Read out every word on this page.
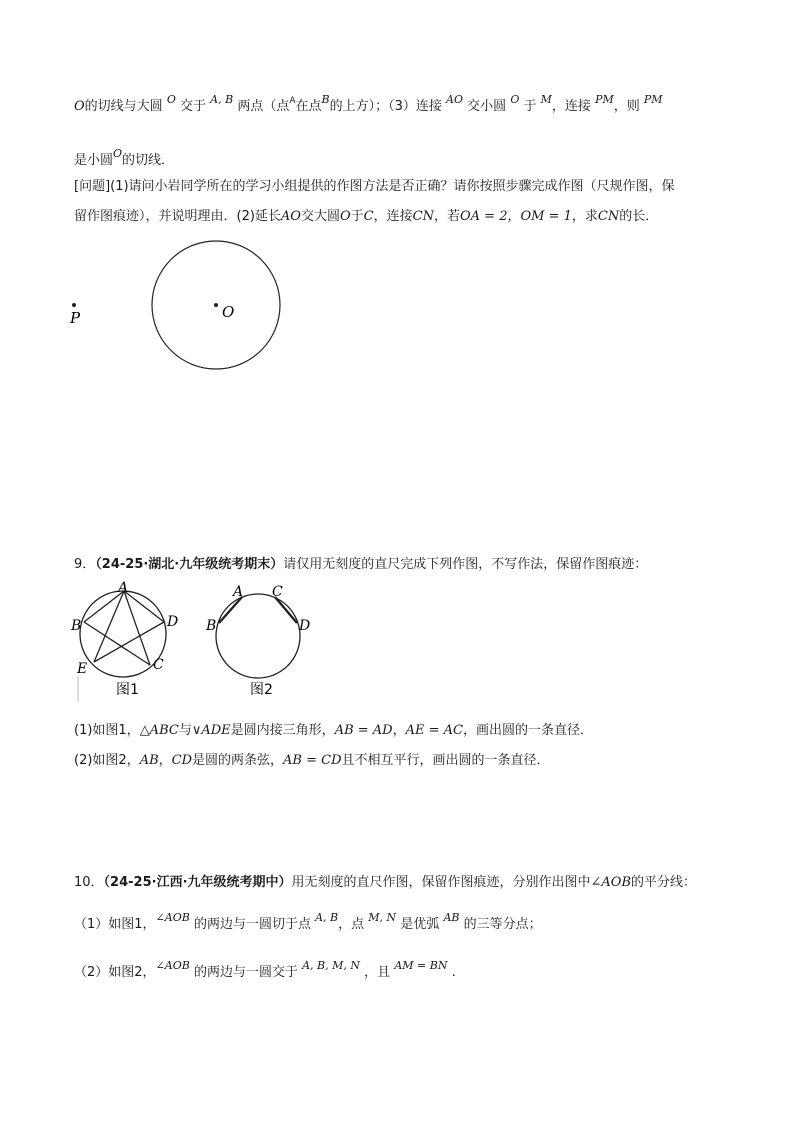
O的切线与大圆 $^O$ 交于 $^{A, B}$ 两点（点$^A$在点$^B$的上方）；（3）连接 $^{AO}$ 交小圆 $^O$ 于 $^M$，连接 $^{PM}$，则 $^{PM}$
是小圆$^O$的切线．
[问题](1)请问小岩同学所在的学习小组提供的作图方法是否正确？请你按照步骤完成作图（尺规作图，保
留作图痕迹），并说明理由．(2)延长AO交大圆O于C，连接CN，若OA = 2，OM = 1，求CN的长．
O
P
9．（24-25·湖北·九年级统考期末）请仅用无刻度的直尺完成下列作图，不写作法，保留作图痕迹：
A
B	D
E	C
图1
A C
B	D
图2
(1)如图1，△ABC与∨ADE是圆内接三角形，AB = AD，AE = AC，画出圆的一条直径．
(2)如图2，AB，CD是圆的两条弦，AB = CD且不相互平行，画出圆的一条直径．
10．（24-25·江西·九年级统考期中）用无刻度的直尺作图，保留作图痕迹，分别作出图中∠AOB的平分线：
（1）如图1，$^{\angle AOB}$ 的两边与一圆切于点 $^{A, B}$，点 $^{M, N}$ 是优弧 $^{AB}$ 的三等分点；
（2）如图2，$^{\angle AOB}$ 的两边与一圆交于 $^{A, B, M, N}$ ，且 $^{AM = BN}$ .
